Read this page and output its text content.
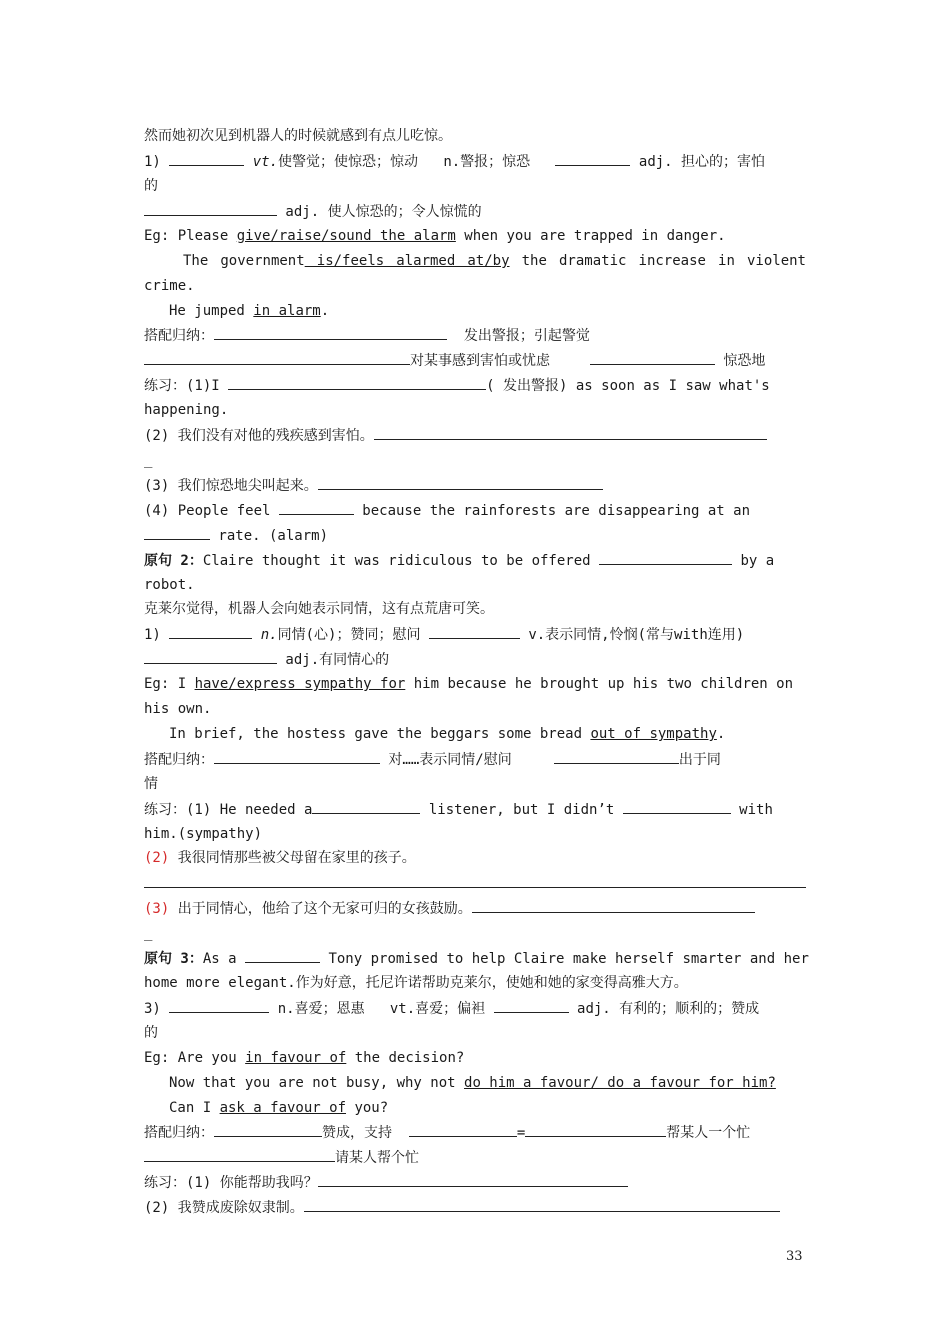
然而她初次见到机器人的时候就感到有点儿吃惊。
1)	vt.使警觉；使惊恐；惊动   n.警报；惊恐	adj. 担心的；害怕
的
adj. 使人惊恐的；令人惊慌的
Eg: Please give/raise/sound the alarm when you are trapped in danger.
The government is/feels alarmed at/by the dramatic increase in violent
crime.
He jumped in alarm.
搭配归纳：	发出警报；引起警觉
对某事感到害怕或忧虑	惊恐地
练习：(1)I	( 发出警报) as soon as I saw what's
happening.
(2) 我们没有对他的残疾感到害怕。
_
(3) 我们惊恐地尖叫起来。
(4) People feel	because the rainforests are disappearing at an
rate. (alarm)
原句 2：Claire thought it was ridiculous to be offered	by a
robot.
克莱尔觉得，机器人会向她表示同情，这有点荒唐可笑。
1)	n.同情(心)；赞同；慰问	v.表示同情,怜悯(常与with连用)
adj.有同情心的
Eg: I have/express sympathy for him because he brought up his two children on
his own.
In brief, the hostess gave the beggars some bread out of sympathy.
搭配归纳：	对……表示同情/慰问	出于同
情
练习：(1) He needed a	listener, but I didn’t	with
him.(sympathy)
(2) 我很同情那些被父母留在家里的孩子。
(3) 出于同情心，他给了这个无家可归的女孩鼓励。
_
原句 3：As a	Tony promised to help Claire make herself smarter and her
home more elegant.作为好意，托尼许诺帮助克莱尔，使她和她的家变得高雅大方。
3)	n.喜爱；恩惠   vt.喜爱；偏袒	adj. 有利的；顺利的；赞成
的
Eg: Are you in favour of the decision?
Now that you are not busy, why not do him a favour/ do a favour for him?
Can I ask a favour of you?
搭配归纳：	赞成，支持	=	帮某人一个忙
请某人帮个忙
练习：(1) 你能帮助我吗？
(2) 我赞成废除奴隶制。
33
